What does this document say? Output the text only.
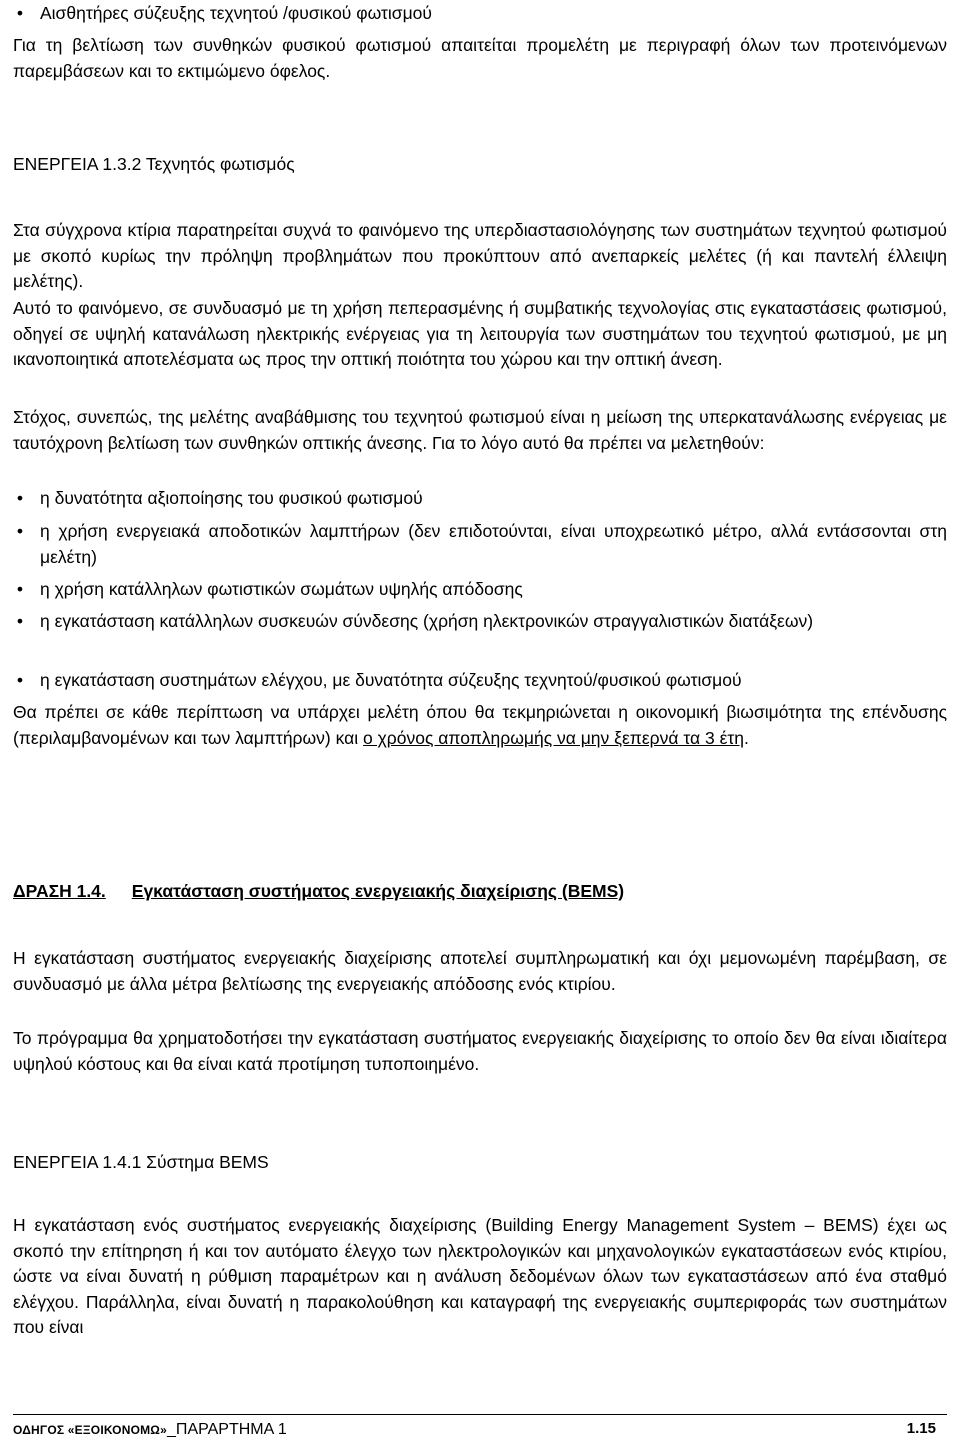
• Αισθητήρες σύζευξης τεχνητού /φυσικού φωτισμού

Για τη βελτίωση των συνθηκών φυσικού φωτισμού απαιτείται προμελέτη με περιγραφή όλων των προτεινόμενων παρεμβάσεων και το εκτιμώμενο όφελος.

ΕΝΕΡΓΕΙΑ 1.3.2 Τεχνητός φωτισμός

Στα σύγχρονα κτίρια παρατηρείται συχνά το φαινόμενο της υπερδιαστασιολόγησης των συστημάτων τεχνητού φωτισμού με σκοπό κυρίως την πρόληψη προβλημάτων που προκύπτουν από ανεπαρκείς μελέτες (ή και παντελή έλλειψη μελέτης).

Αυτό το φαινόμενο, σε συνδυασμό με τη χρήση πεπερασμένης ή συμβατικής τεχνολογίας στις εγκαταστάσεις φωτισμού, οδηγεί σε υψηλή κατανάλωση ηλεκτρικής ενέργειας για τη λειτουργία των συστημάτων του τεχνητού φωτισμού, με μη ικανοποιητικά αποτελέσματα ως προς την οπτική ποιότητα του χώρου και την οπτική άνεση.

Στόχος, συνεπώς, της μελέτης αναβάθμισης του τεχνητού φωτισμού είναι η μείωση της υπερκατανάλωσης ενέργειας με ταυτόχρονη βελτίωση των συνθηκών οπτικής άνεσης. Για το λόγο αυτό θα πρέπει να μελετηθούν:

• η δυνατότητα αξιοποίησης του φυσικού φωτισμού
• η χρήση ενεργειακά αποδοτικών λαμπτήρων (δεν επιδοτούνται, είναι υποχρεωτικό μέτρο, αλλά εντάσσονται στη μελέτη)
• η χρήση κατάλληλων φωτιστικών σωμάτων υψηλής απόδοσης
• η εγκατάσταση κατάλληλων συσκευών σύνδεσης (χρήση ηλεκτρονικών στραγγαλιστικών διατάξεων)
• η εγκατάσταση συστημάτων ελέγχου, με δυνατότητα σύζευξης τεχνητού/φυσικού φωτισμού

Θα πρέπει σε κάθε περίπτωση να υπάρχει μελέτη όπου θα τεκμηριώνεται η οικονομική βιωσιμότητα της επένδυσης (περιλαμβανομένων και των λαμπτήρων) και ο χρόνος αποπληρωμής να μην ξεπερνά τα 3 έτη.

ΔΡΑΣΗ 1.4. Εγκατάσταση συστήματος ενεργειακής διαχείρισης (BEMS)

Η εγκατάσταση συστήματος ενεργειακής διαχείρισης αποτελεί συμπληρωματική και όχι μεμονωμένη παρέμβαση, σε συνδυασμό με άλλα μέτρα βελτίωσης της ενεργειακής απόδοσης ενός κτιρίου.

Το πρόγραμμα θα χρηματοδοτήσει την εγκατάσταση συστήματος ενεργειακής διαχείρισης το οποίο δεν θα είναι ιδιαίτερα υψηλού κόστους και θα είναι κατά προτίμηση τυποποιημένο.

ΕΝΕΡΓΕΙΑ 1.4.1 Σύστημα BEMS

Η εγκατάσταση ενός συστήματος ενεργειακής διαχείρισης (Building Energy Management System – BEMS) έχει ως σκοπό την επίτηρηση ή και τον αυτόματο έλεγχο των ηλεκτρολογικών και μηχανολογικών εγκαταστάσεων ενός κτιρίου, ώστε να είναι δυνατή η ρύθμιση παραμέτρων και η ανάλυση δεδομένων όλων των εγκαταστάσεων από ένα σταθμό ελέγχου. Παράλληλα, είναι δυνατή η παρακολούθηση και καταγραφή της ενεργειακής συμπεριφοράς των συστημάτων που είναι

ΟΔΗΓΟΣ «ΕΞΟΙΚΟΝΟΜΩ»_ΠΑΡΑΡΤΗΜΑ 1	1.15
